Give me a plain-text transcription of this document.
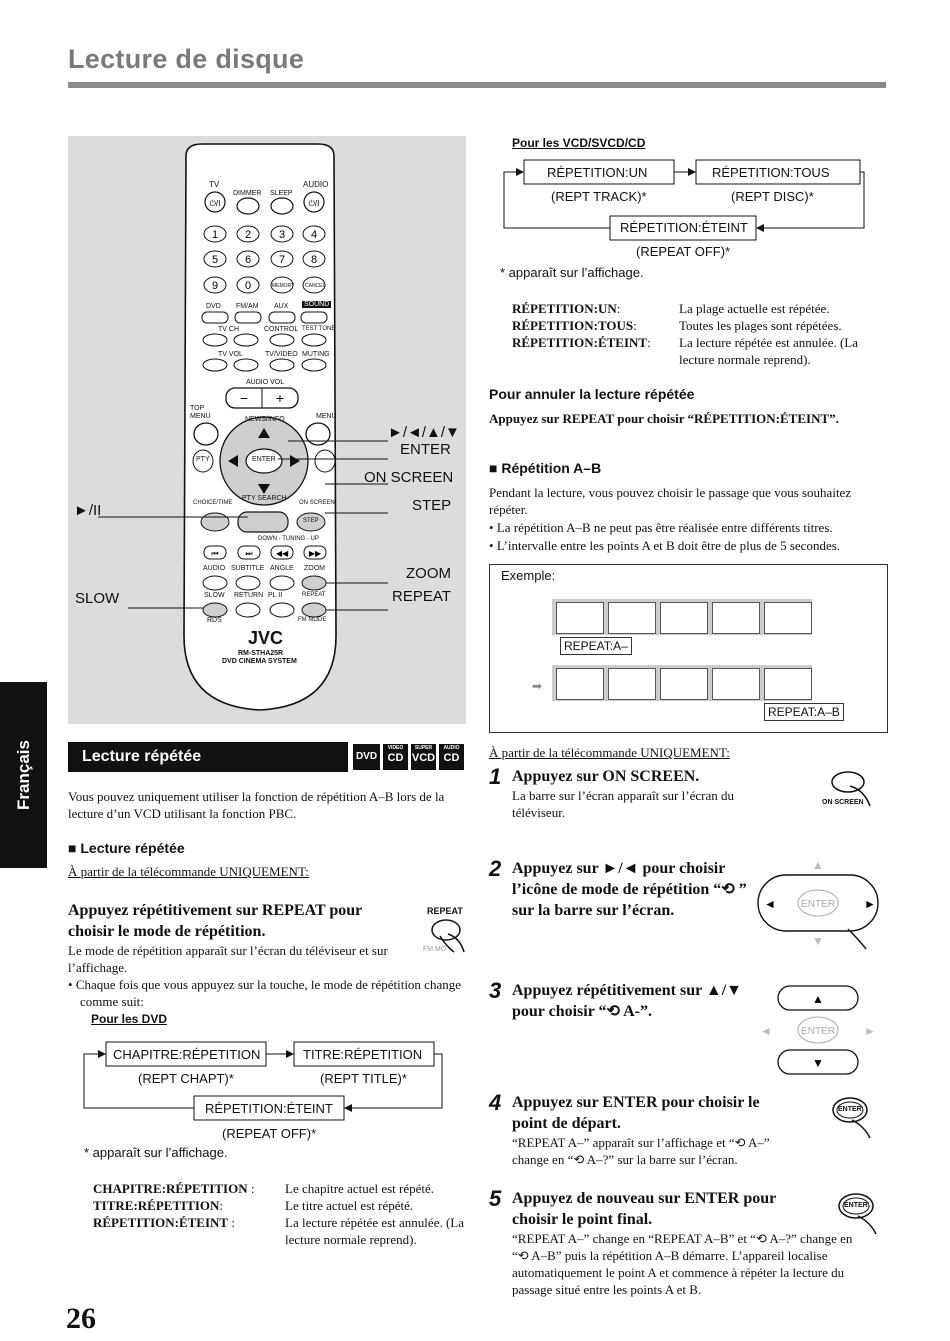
Lecture de disque
Français
⏻/I	⏻/I
1 2	3 4
5 6	7 8
9 0
− +
⏮	⏭	◀◀	▶▶
TV	AUDIO
DIMMER SLEEP
MEMORY CANCEL
DVD FM/AM AUX SOUND
TV CH	CONTROL TEST TONE
TV VOL	TV/VIDEO MUTING
AUDIO VOL
TOP MENU	NEWS/INFO	MENU
ENTER
PTY
PTY SEARCH
CHOICE/TIME	ON SCREEN
STEP
DOWN - TUNING - UP
AUDIO SUBTITLE ANGLE ZOOM
SLOW RETURN PL II	REPEAT
RDS	FM MODE
JVC
RM-STHA25R
DVD CINEMA SYSTEM
►/◄/▲/▼
ENTER
ON SCREEN
STEP
►/II
ZOOM
REPEAT
SLOW
Lecture répétée	DVD
VIDEO
CD
SUPER
VCD
AUDIO
CD
Vous pouvez uniquement utiliser la fonction de répétition A–B lors de la lecture d’un VCD utilisant la fonction PBC.
■ Lecture répétée
À partir de la télécommande UNIQUEMENT:
Appuyez répétitivement sur REPEAT pour choisir le mode de répétition.
REPEAT
FM MO
Le mode de répétition apparaît sur l’écran du téléviseur et sur l’affichage.
• Chaque fois que vous appuyez sur la touche, le mode de répétition change comme suit:
Pour les DVD
CHAPITRE:RÉPETITION
(REPT CHAPT)*
TITRE:RÉPETITION
(REPT TITLE)*
RÉPETITION:ÉTEINT
(REPEAT OFF)*
* apparaît sur l’affichage.
CHAPITRE:RÉPETITION :	Le chapitre actuel est répété.
TITRE:RÉPETITION:	Le titre actuel est répété.
RÉPETITION:ÉTEINT :	La lecture répétée est annulée. (La lecture normale reprend).
Pour les VCD/SVCD/CD
RÉPETITION:UN
(REPT TRACK)*
RÉPETITION:TOUS
(REPT DISC)*
RÉPETITION:ÉTEINT
(REPEAT OFF)*
* apparaît sur l’affichage.
RÉPETITION:UN:	La plage actuelle est répétée.
RÉPETITION:TOUS:	Toutes les plages sont répétées.
RÉPETITION:ÉTEINT:	La lecture répétée est annulée. (La lecture normale reprend).
Pour annuler la lecture répétée
Appuyez sur REPEAT pour choisir “RÉPETITION:ÉTEINT”.
■ Répétition A–B
Pendant la lecture, vous pouvez choisir le passage que vous souhaitez répéter.
• La répétition A–B ne peut pas être réalisée entre différents titres.
• L’intervalle entre les points A et B doit être de plus de 5 secondes.
Exemple:
REPEAT:A–
➡
REPEAT:A–B
À partir de la télécommande UNIQUEMENT:
1 Appuyez sur ON SCREEN.
La barre sur l’écran apparaît sur l’écran du téléviseur.
ON SCREEN
2 Appuyez sur ►/◄ pour choisir l’icône de mode de répétition “⟲ ” sur la barre sur l’écran.	ENTER
▲
▼
◄	►
3 Appuyez répétitivement sur ▲/▼ pour choisir “⟲ A-”.
ENTER
▲
▼
◄	►
4 Appuyez sur ENTER pour choisir le point de départ.
“REPEAT A–” apparaît sur l’affichage et “⟲ A–” change en “⟲ A–?” sur la barre sur l’écran.
ENTER
5 Appuyez de nouveau sur ENTER pour choisir le point final.
“REPEAT A–” change en “REPEAT A–B” et “⟲ A–?” change en “⟲ A–B” puis la répétition A–B démarre. L’appareil localise automatiquement le point A et commence à répéter la lecture du passage situé entre les points A et B.
ENTER
26
